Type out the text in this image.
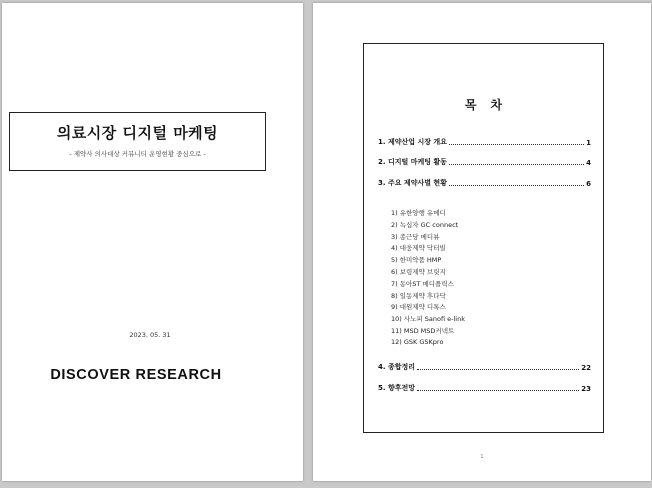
의료시장 디지털 마케팅
- 제약사 의사대상 커뮤니티 운영현황 중심으로 -
2023. 05. 31
DISCOVER RESEARCH
목차
1. 제약산업 시장 개요	1
2. 디지털 마케팅 활동	4
3. 주요 제약사별 현황	6
1) 유한양행 유메디
2) 녹십자 GC connect
3) 종근당 메디뷰
4) 대웅제약 닥터빌
5) 한미약품 HMP
6) 보령제약 브릿지
7) 동아ST 메디플릭스
8) 일동제약 후다닥
9) 대원제약 디톡스
10) 사노피 Sanofi e-link
11) MSD MSD커넥트
12) GSK GSKpro
4. 종합정리	22
5. 향후전망	23
1
